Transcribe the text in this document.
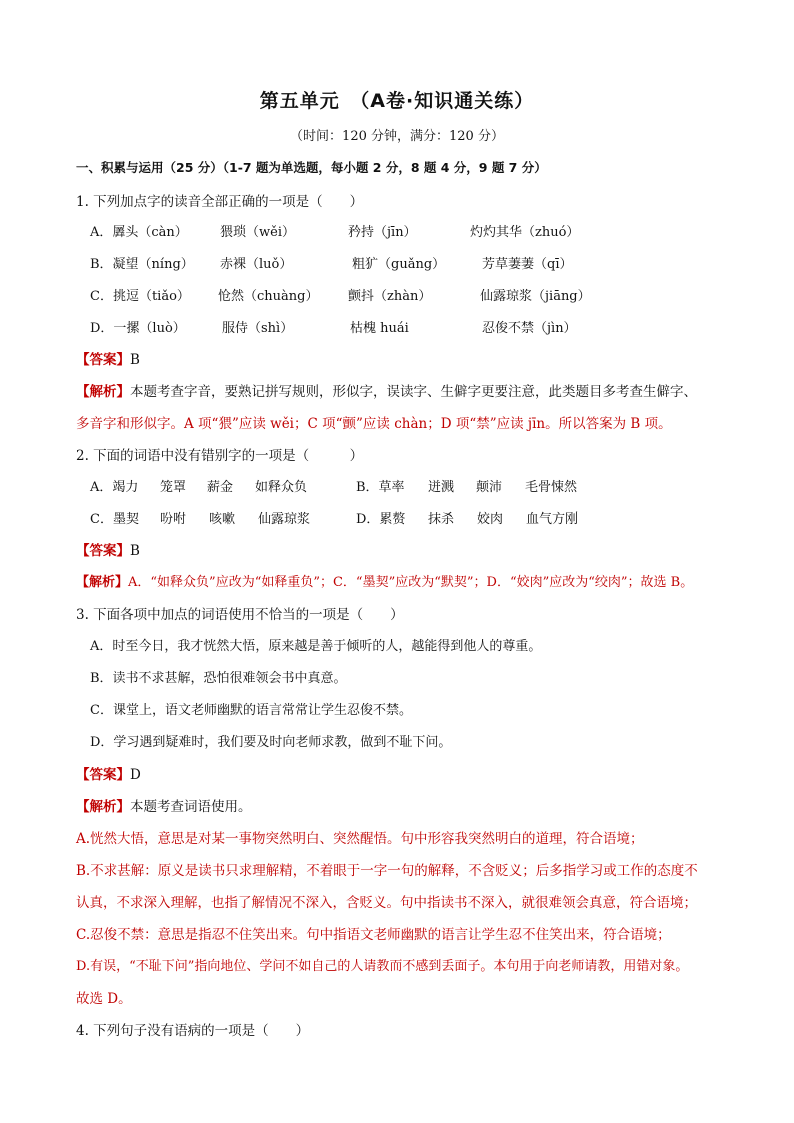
第五单元　（A卷·知识通关练）
（时间：120 分钟，满分：120 分）
一、积累与运用（25 分）（1-7 题为单选题，每小题 2 分，8 题 4 分，9 题 7 分）
1. 下列加点字的读音全部正确的一项是（　　）
A．羼头（càn） 猥琐（wěi）	矜持（jīn）	灼灼其华（zhuó）
B．凝望（níng） 赤裸（luǒ）	粗犷（guǎng）	芳草萋萋（qī）
C．挑逗（tiǎo） 怆然（chuàng） 颤抖（zhàn）	仙露琼浆（jiāng）
D．一摞（luò）	服侍（shì）	枯槐 huái	忍俊不禁（jìn）
【答案】B
【解析】本题考查字音，要熟记拼写规则，形似字，误读字、生僻字更要注意，此类题目多考查生僻字、
多音字和形似字。A 项“猥”应读 wěi；C 项“颤”应读 chàn；D 项“禁”应读 jīn。所以答案为 B 项。
2. 下面的词语中没有错别字的一项是（　　　）
A．竭力 笼罩 薪金 如释众负	B．草率 迸溅 颠沛 毛骨悚然
C．墨契 吩咐 咳嗽 仙露琼浆	D．累赘 抹杀 姣肉 血气方刚
【答案】B
【解析】A．“如释众负”应改为“如释重负”；C．“墨契”应改为“默契”；D．“姣肉”应改为“绞肉”；故选 B。
3. 下面各项中加点的词语使用不恰当的一项是（　　）
A．时至今日，我才恍然大悟，原来越是善于倾听的人，越能得到他人的尊重。
B．读书不求甚解，恐怕很难领会书中真意。
C．课堂上，语文老师幽默的语言常常让学生忍俊不禁。
D．学习遇到疑难时，我们要及时向老师求教，做到不耻下问。
【答案】D
【解析】本题考查词语使用。
A.恍然大悟，意思是对某一事物突然明白、突然醒悟。句中形容我突然明白的道理，符合语境；
B.不求甚解：原义是读书只求理解精，不着眼于一字一句的解释，不含贬义；后多指学习或工作的态度不
认真，不求深入理解，也指了解情况不深入，含贬义。句中指读书不深入，就很难领会真意，符合语境；
C.忍俊不禁：意思是指忍不住笑出来。句中指语文老师幽默的语言让学生忍不住笑出来，符合语境；
D.有误，“不耻下问”指向地位、学问不如自己的人请教而不感到丢面子。本句用于向老师请教，用错对象。
故选 D。
4. 下列句子没有语病的一项是（　　）
